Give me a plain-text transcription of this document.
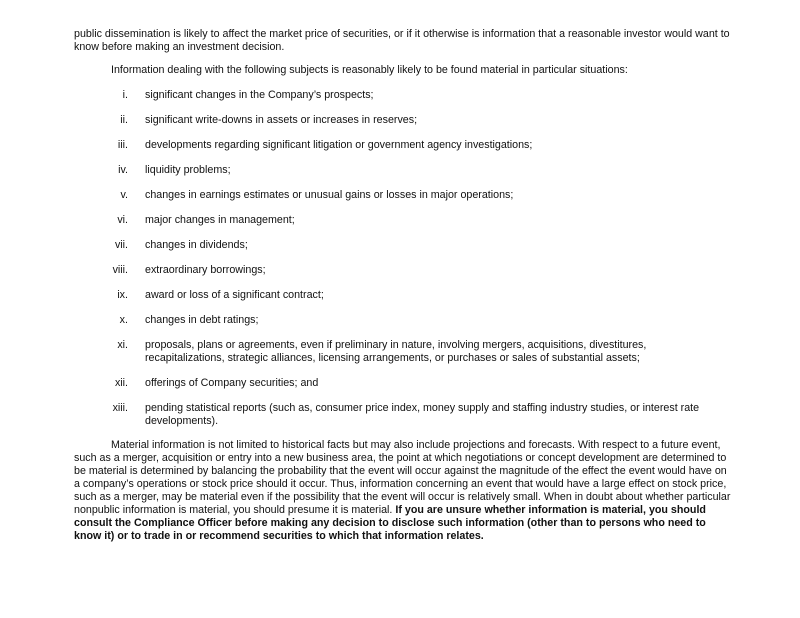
public dissemination is likely to affect the market price of securities, or if it otherwise is information that a reasonable investor would want to know before making an investment decision.

Information dealing with the following subjects is reasonably likely to be found material in particular situations:

i. significant changes in the Company’s prospects;
ii. significant write-downs in assets or increases in reserves;
iii. developments regarding significant litigation or government agency investigations;
iv. liquidity problems;
v. changes in earnings estimates or unusual gains or losses in major operations;
vi. major changes in management;
vii. changes in dividends;
viii. extraordinary borrowings;
ix. award or loss of a significant contract;
x. changes in debt ratings;
xi. proposals, plans or agreements, even if preliminary in nature, involving mergers, acquisitions, divestitures, recapitalizations, strategic alliances, licensing arrangements, or purchases or sales of substantial assets;
xii. offerings of Company securities; and
xiii. pending statistical reports (such as, consumer price index, money supply and staffing industry studies, or interest rate developments).

Material information is not limited to historical facts but may also include projections and forecasts. With respect to a future event, such as a merger, acquisition or entry into a new business area, the point at which negotiations or concept development are determined to be material is determined by balancing the probability that the event will occur against the magnitude of the effect the event would have on a company’s operations or stock price should it occur. Thus, information concerning an event that would have a large effect on stock price, such as a merger, may be material even if the possibility that the event will occur is relatively small. When in doubt about whether particular nonpublic information is material, you should presume it is material. If you are unsure whether information is material, you should consult the Compliance Officer before making any decision to disclose such information (other than to persons who need to know it) or to trade in or recommend securities to which that information relates.
